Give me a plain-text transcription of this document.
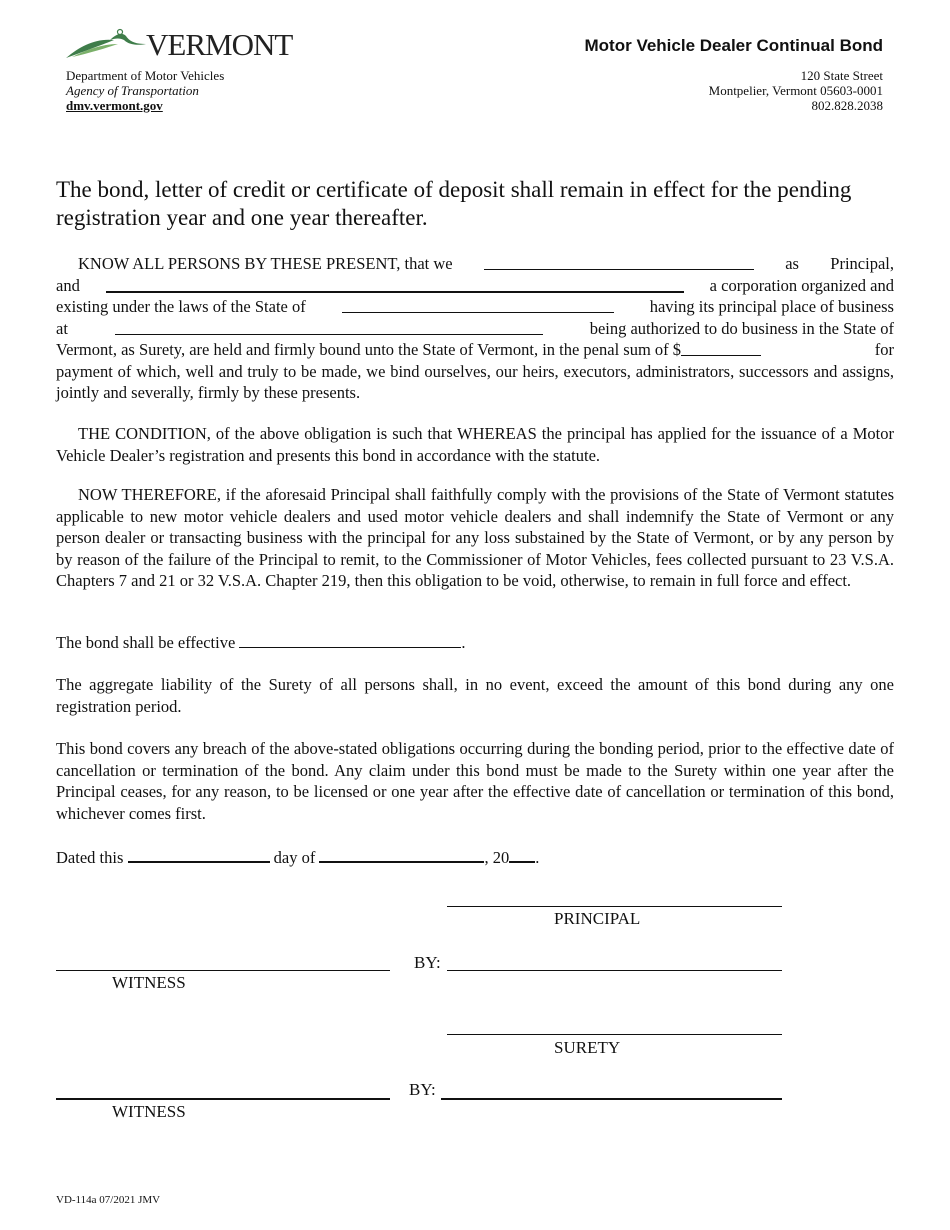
VERMONT
Department of Motor Vehicles
Agency of Transportation
dmv.vermont.gov
Motor Vehicle Dealer Continual Bond
120 State Street
Montpelier, Vermont 05603-0001
802.828.2038
The bond, letter of credit or certificate of deposit shall remain in effect for the pending registration year and one year thereafter.
KNOW ALL PERSONS BY THESE PRESENT, that we	as Principal,
and	a corporation organized and
existing under the laws of the State of	having its principal place of business
at	being authorized to do business in the State of
Vermont, as Surety, are held and firmly bound unto the State of Vermont, in the penal sum of $	for
payment of which, well and truly to be made, we bind ourselves, our heirs, executors, administrators, successors and assigns, jointly and severally, firmly by these presents.
THE CONDITION, of the above obligation is such that WHEREAS the principal has applied for the issuance of a Motor Vehicle Dealer’s registration and presents this bond in accordance with the statute.
NOW THEREFORE, if the aforesaid Principal shall faithfully comply with the provisions of the State of Vermont statutes applicable to new motor vehicle dealers and used motor vehicle dealers and shall indemnify the State of Vermont or any person dealer or transacting business with the principal for any loss substained by the State of Vermont, or by any person by by reason of the failure of the Principal to remit, to the Commissioner of Motor Vehicles, fees collected pursuant to 23 V.S.A. Chapters 7 and 21 or 32 V.S.A. Chapter 219, then this obligation to be void, otherwise, to remain in full force and effect.
The bond shall be effective	.
The aggregate liability of the Surety of all persons shall, in no event, exceed the amount of this bond during any one registration period.
This bond covers any breach of the above-stated obligations occurring during the bonding period, prior to the effective date of cancellation or termination of the bond. Any claim under this bond must be made to the Surety within one year after the Principal ceases, for any reason, to be licensed or one year after the effective date of cancellation or termination of this bond, whichever comes first.
Dated this	day of	, 20 .
PRINCIPAL
BY:
WITNESS
SURETY
BY:
WITNESS
VD-114a 07/2021 JMV
